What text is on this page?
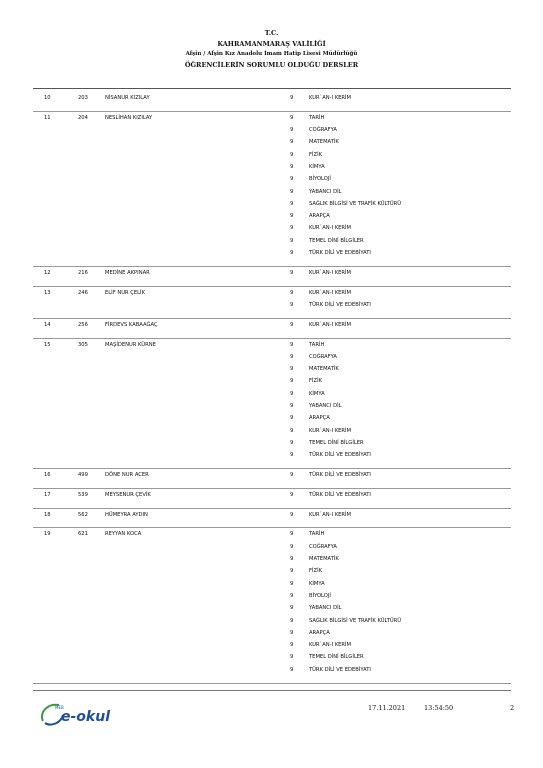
T.C.
KAHRAMANMARAŞ VALİLİĞİ
Afşin / Afşin Kız Anadolu İmam Hatip Lisesi Müdürlüğü
ÖĞRENCİLERİN SORUMLU OLDUĞU DERSLER
10	203	NİSANUR KIZILAY	9	KUR`AN-I KERİM
11	204	NESLİHAN KIZILAY	9	TARİH
9	COĞRAFYA
9	MATEMATİK
9	FİZİK
9	KİMYA
9	BİYOLOJİ
9	YABANCI DİL
9	SAĞLIK BİLGİSİ VE TRAFİK KÜLTÜRÜ
9	ARAPÇA
9	KUR`AN-I KERİM
9	TEMEL DİNİ BİLGİLER
9	TÜRK DİLİ VE EDEBİYATI
12	216	MEDİNE AKPINAR	9	KUR`AN-I KERİM
13	246	ELİF NUR ÇELİK	9	KUR`AN-I KERİM
9	TÜRK DİLİ VE EDEBİYATI
14	256	FİRDEVS KABAAĞAÇ	9	KUR`AN-I KERİM
15	305	MAŞİDENUR KÜRNE	9	TARİH
9	COĞRAFYA
9	MATEMATİK
9	FİZİK
9	KİMYA
9	YABANCI DİL
9	ARAPÇA
9	KUR`AN-I KERİM
9	TEMEL DİNİ BİLGİLER
9	TÜRK DİLİ VE EDEBİYATI
16	499	DÖNE NUR ACER	9	TÜRK DİLİ VE EDEBİYATI
17	539	MEYSENUR ÇEVİK	9	TÜRK DİLİ VE EDEBİYATI
18	562	HÜMEYRA AYDIN	9	KUR`AN-I KERİM
19	621	REYYAN KOCA	9	TARİH
9	COĞRAFYA
9	MATEMATİK
9	FİZİK
9	KİMYA
9	BİYOLOJİ
9	YABANCI DİL
9	SAĞLIK BİLGİSİ VE TRAFİK KÜLTÜRÜ
9	ARAPÇA
9	KUR`AN-I KERİM
9	TEMEL DİNİ BİLGİLER
9	TÜRK DİLİ VE EDEBİYATI
MEB
e-okul
17.11.2021	13:54:50	2
